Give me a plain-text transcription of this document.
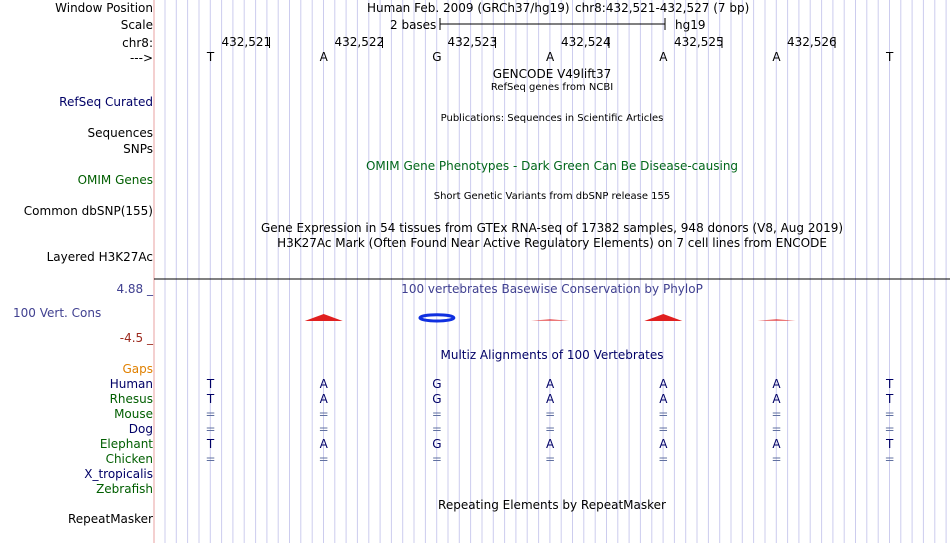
Window Position
Scale
chr8:
--->
RefSeq Curated
Sequences
SNPs
OMIM Genes
Common dbSNP(155)
Layered H3K27Ac
4.88 _
100 Vert. Cons
-4.5 _
Gaps
RepeatMasker
Human Feb. 2009 (GRCh37/hg19) chr8:432,521-432,527 (7 bp)
2 bases	hg19
GENCODE V49lift37
RefSeq genes from NCBI
Publications: Sequences in Scientific Articles
OMIM Gene Phenotypes - Dark Green Can Be Disease-causing
Short Genetic Variants from dbSNP release 155
Gene Expression in 54 tissues from GTEx RNA-seq of 17382 samples, 948 donors (V8, Aug 2019)
H3K27Ac Mark (Often Found Near Active Regulatory Elements) on 7 cell lines from ENCODE
100 vertebrates Basewise Conservation by PhyloP
Multiz Alignments of 100 Vertebrates
Repeating Elements by RepeatMasker
432,521	432,522	432,523	432,524	432,525	432,526
T	A	G	A	A	A	T
Human	T	A	G	A	A	A	T
Rhesus	T	A	G	A	A	A	T
Mouse	=	=	=	=	=	=	=
Dog	=	=	=	=	=	=	=
Elephant	T	A	G	A	A	A	T
Chicken	=	=	=	=	=	=	=
X_tropicalis
Zebrafish
